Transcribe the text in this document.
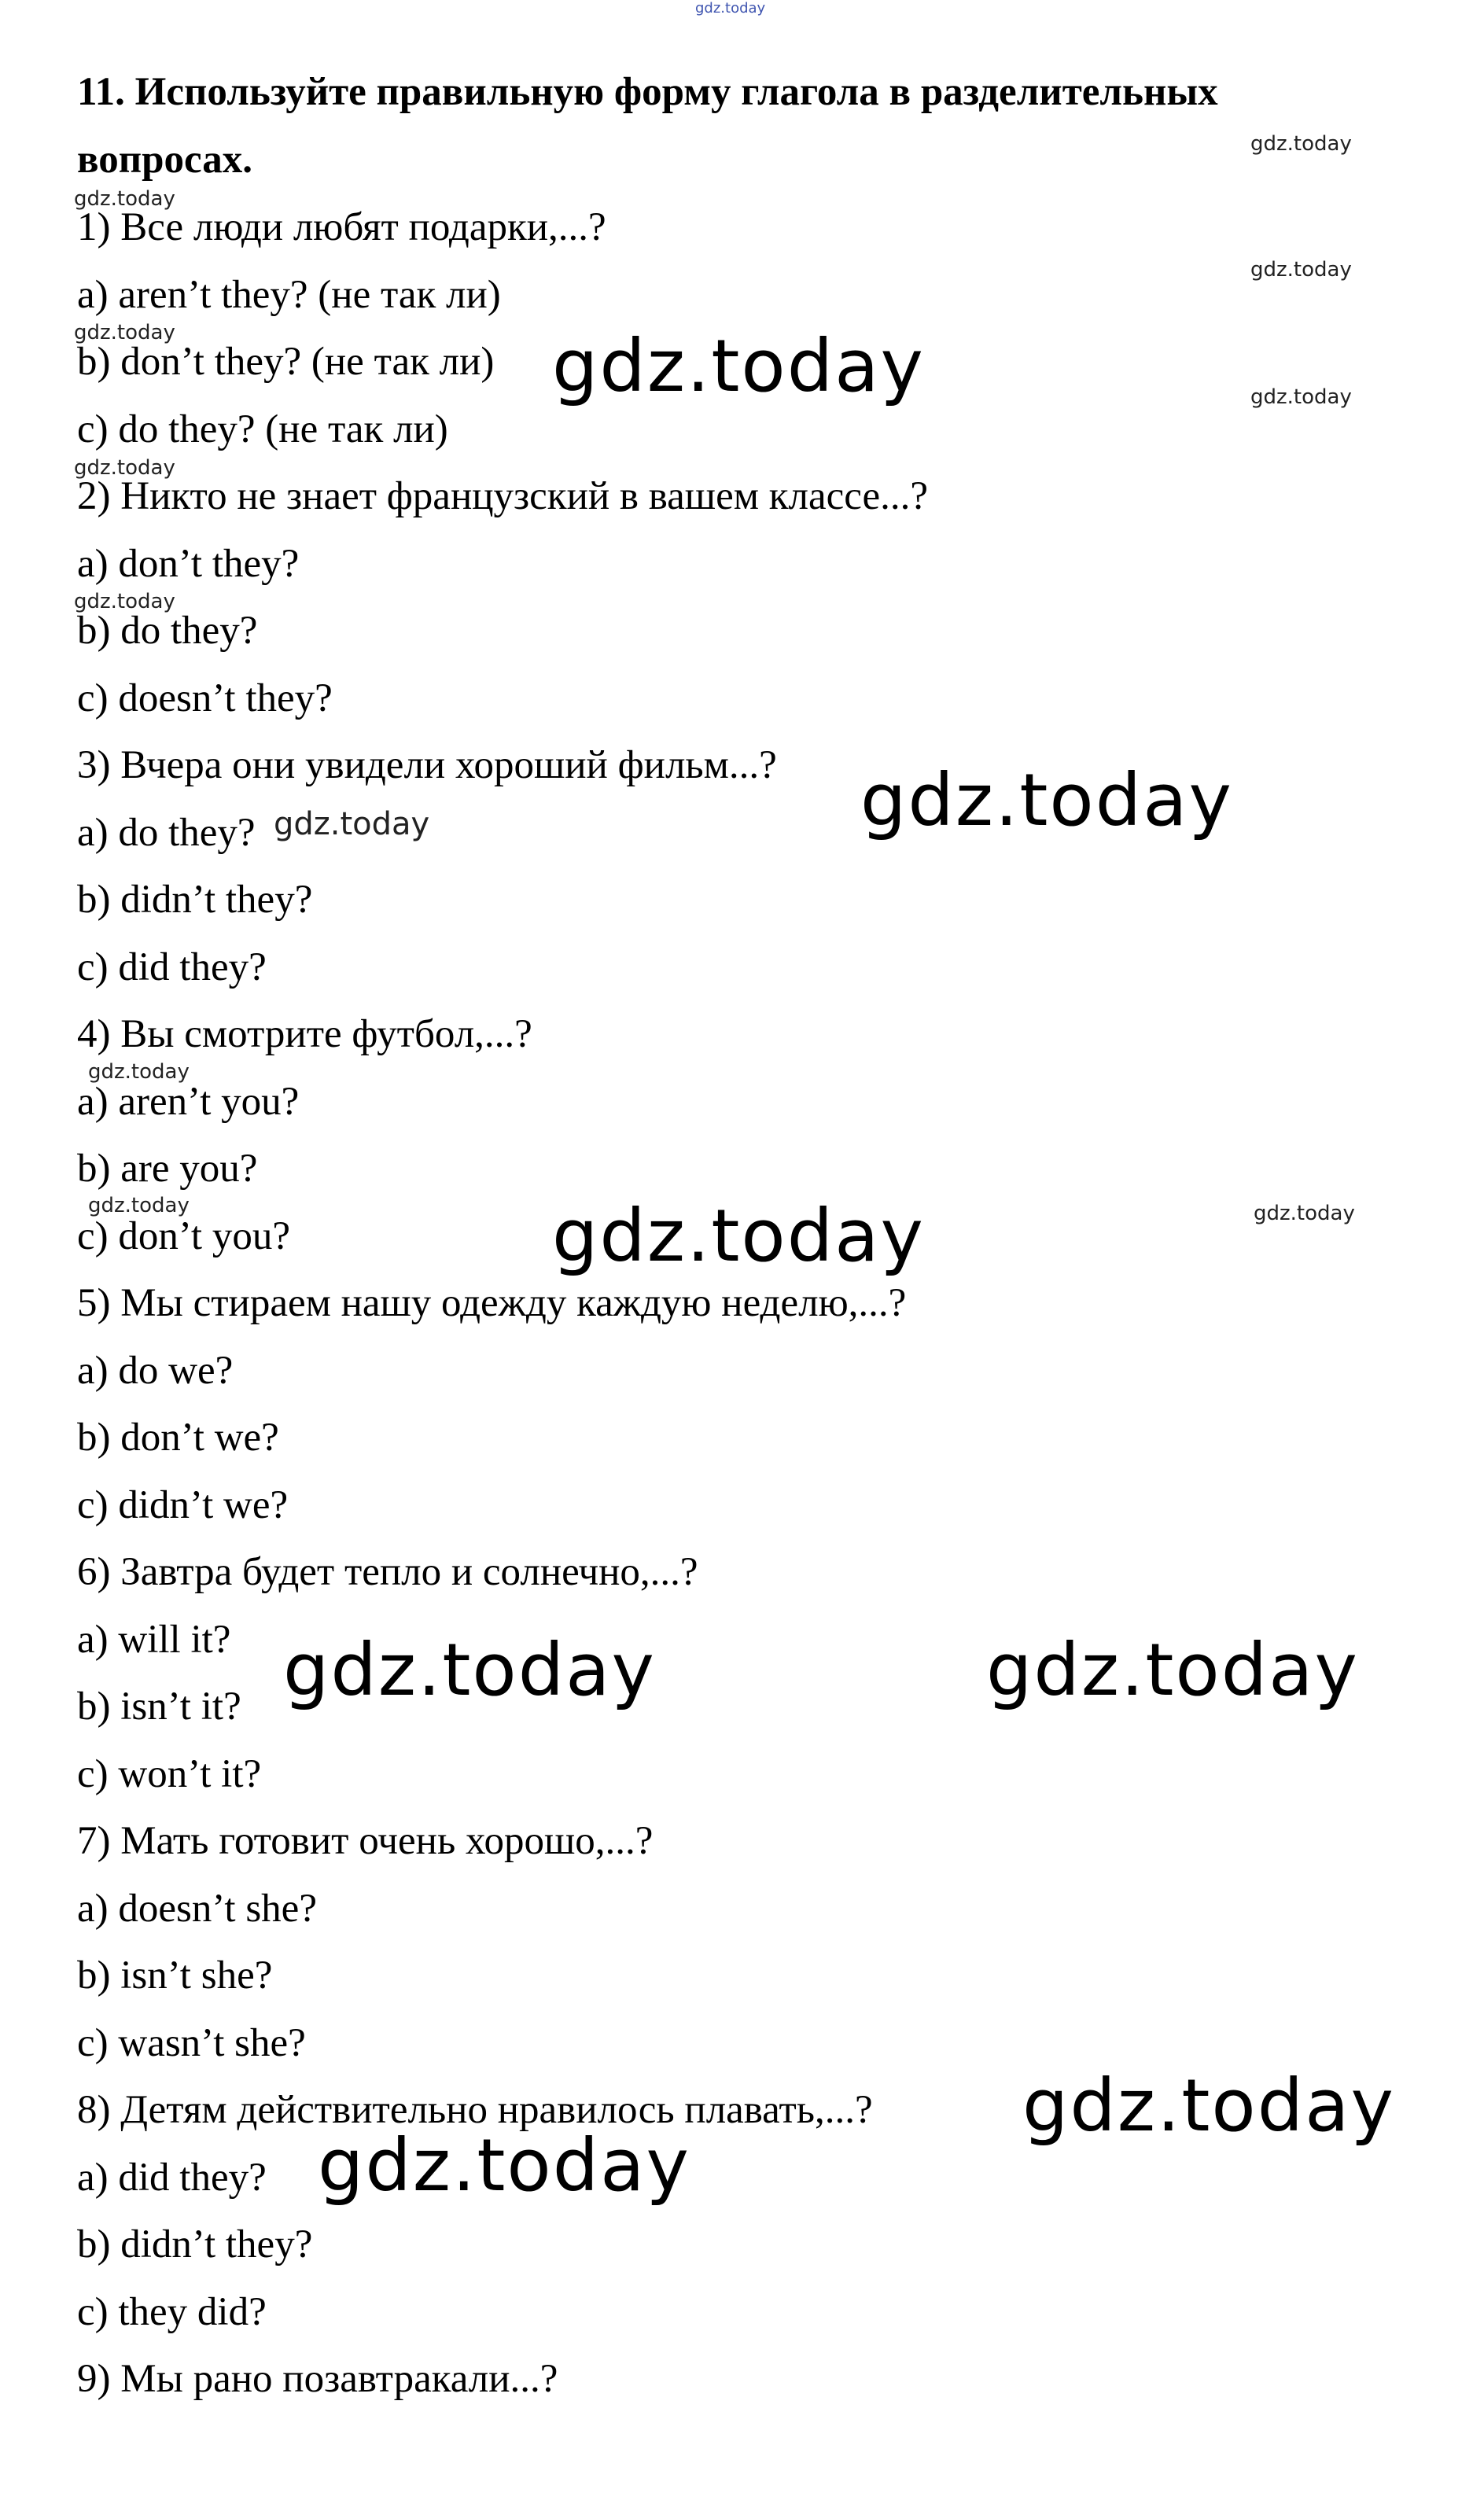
gdz.today
11. Используйте правильную форму глагола в разделительных
вопросах.
1) Все люди любят подарки,...?
a) aren’t they? (не так ли)
b) don’t they? (не так ли)
c) do they? (не так ли)
2) Никто не знает французский в вашем классе...?
a) don’t they?
b) do they?
c) doesn’t they?
3) Вчера они увидели хороший фильм...?
a) do they?
b) didn’t they?
c) did they?
4) Вы смотрите футбол,...?
a) aren’t you?
b) are you?
c) don’t you?
5) Мы стираем нашу одежду каждую неделю,...?
a) do we?
b) don’t we?
c) didn’t we?
6) Завтра будет тепло и солнечно,...?
a) will it?
b) isn’t it?
c) won’t it?
7) Мать готовит очень хорошо,...?
a) doesn’t she?
b) isn’t she?
c) wasn’t she?
8) Детям действительно нравилось плавать,...?
a) did they?
b) didn’t they?
c) they did?
9) Мы рано позавтракали...?
gdz.today
gdz.today
gdz.today
gdz.today
gdz.today
gdz.today
gdz.today
gdz.today
gdz.today
gdz.today	gdz.today
gdz.today
gdz.today
gdz.today
gdz.today	gdz.today
gdz.today
gdz.today
